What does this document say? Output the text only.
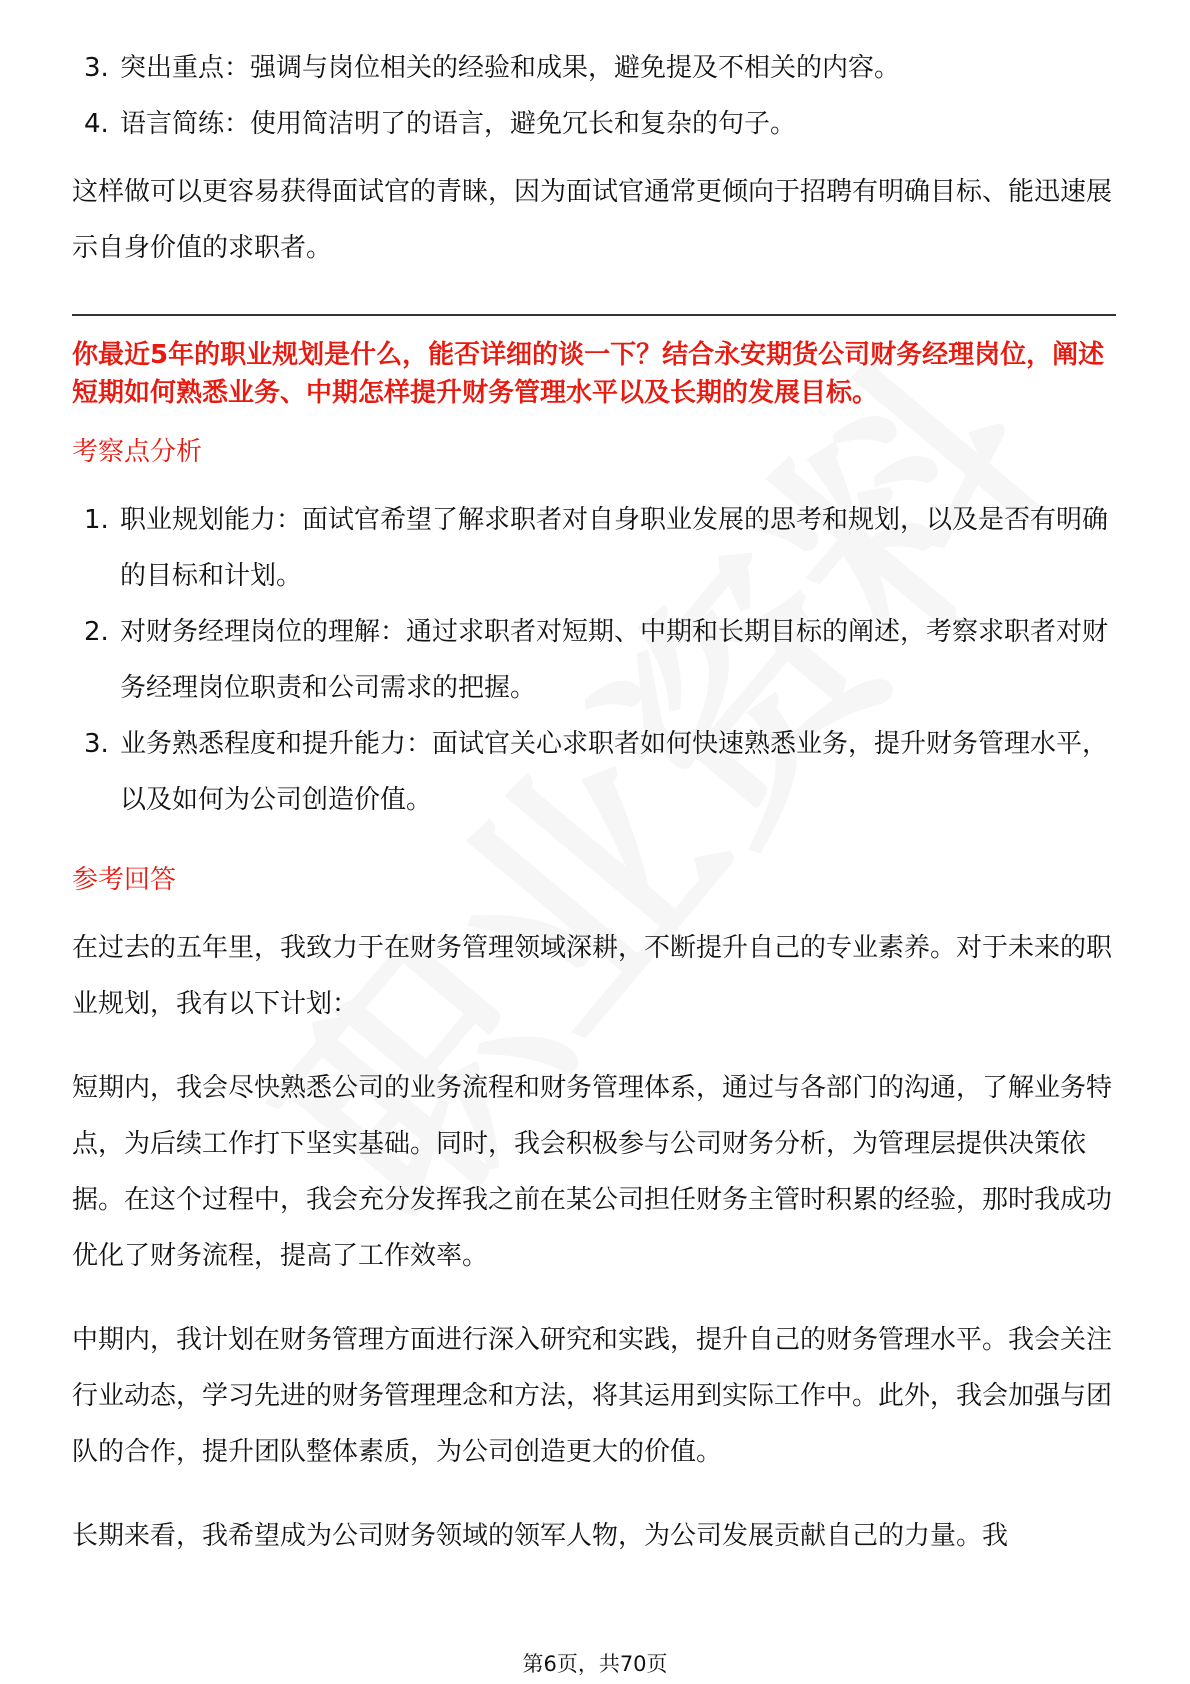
3. 突出重点：强调与岗位相关的经验和成果，避免提及不相关的内容。
4. 语言简练：使用简洁明了的语言，避免冗长和复杂的句子。

这样做可以更容易获得面试官的青睐，因为面试官通常更倾向于招聘有明确目标、能迅速展示自身价值的求职者。

你最近5年的职业规划是什么，能否详细的谈一下？结合永安期货公司财务经理岗位，阐述短期如何熟悉业务、中期怎样提升财务管理水平以及长期的发展目标。
考察点分析
1. 职业规划能力：面试官希望了解求职者对自身职业发展的思考和规划，以及是否有明确的目标和计划。
2. 对财务经理岗位的理解：通过求职者对短期、中期和长期目标的阐述，考察求职者对财务经理岗位职责和公司需求的把握。
3. 业务熟悉程度和提升能力：面试官关心求职者如何快速熟悉业务，提升财务管理水平，以及如何为公司创造价值。
参考回答

在过去的五年里，我致力于在财务管理领域深耕，不断提升自己的专业素养。对于未来的职业规划，我有以下计划：

短期内，我会尽快熟悉公司的业务流程和财务管理体系，通过与各部门的沟通，了解业务特点，为后续工作打下坚实基础。同时，我会积极参与公司财务分析，为管理层提供决策依据。在这个过程中，我会充分发挥我之前在某公司担任财务主管时积累的经验，那时我成功优化了财务流程，提高了工作效率。

中期内，我计划在财务管理方面进行深入研究和实践，提升自己的财务管理水平。我会关注行业动态，学习先进的财务管理理念和方法，将其运用到实际工作中。此外，我会加强与团队的合作，提升团队整体素质，为公司创造更大的价值。

长期来看，我希望成为公司财务领域的领军人物，为公司发展贡献自己的力量。我

第6页，共70页
